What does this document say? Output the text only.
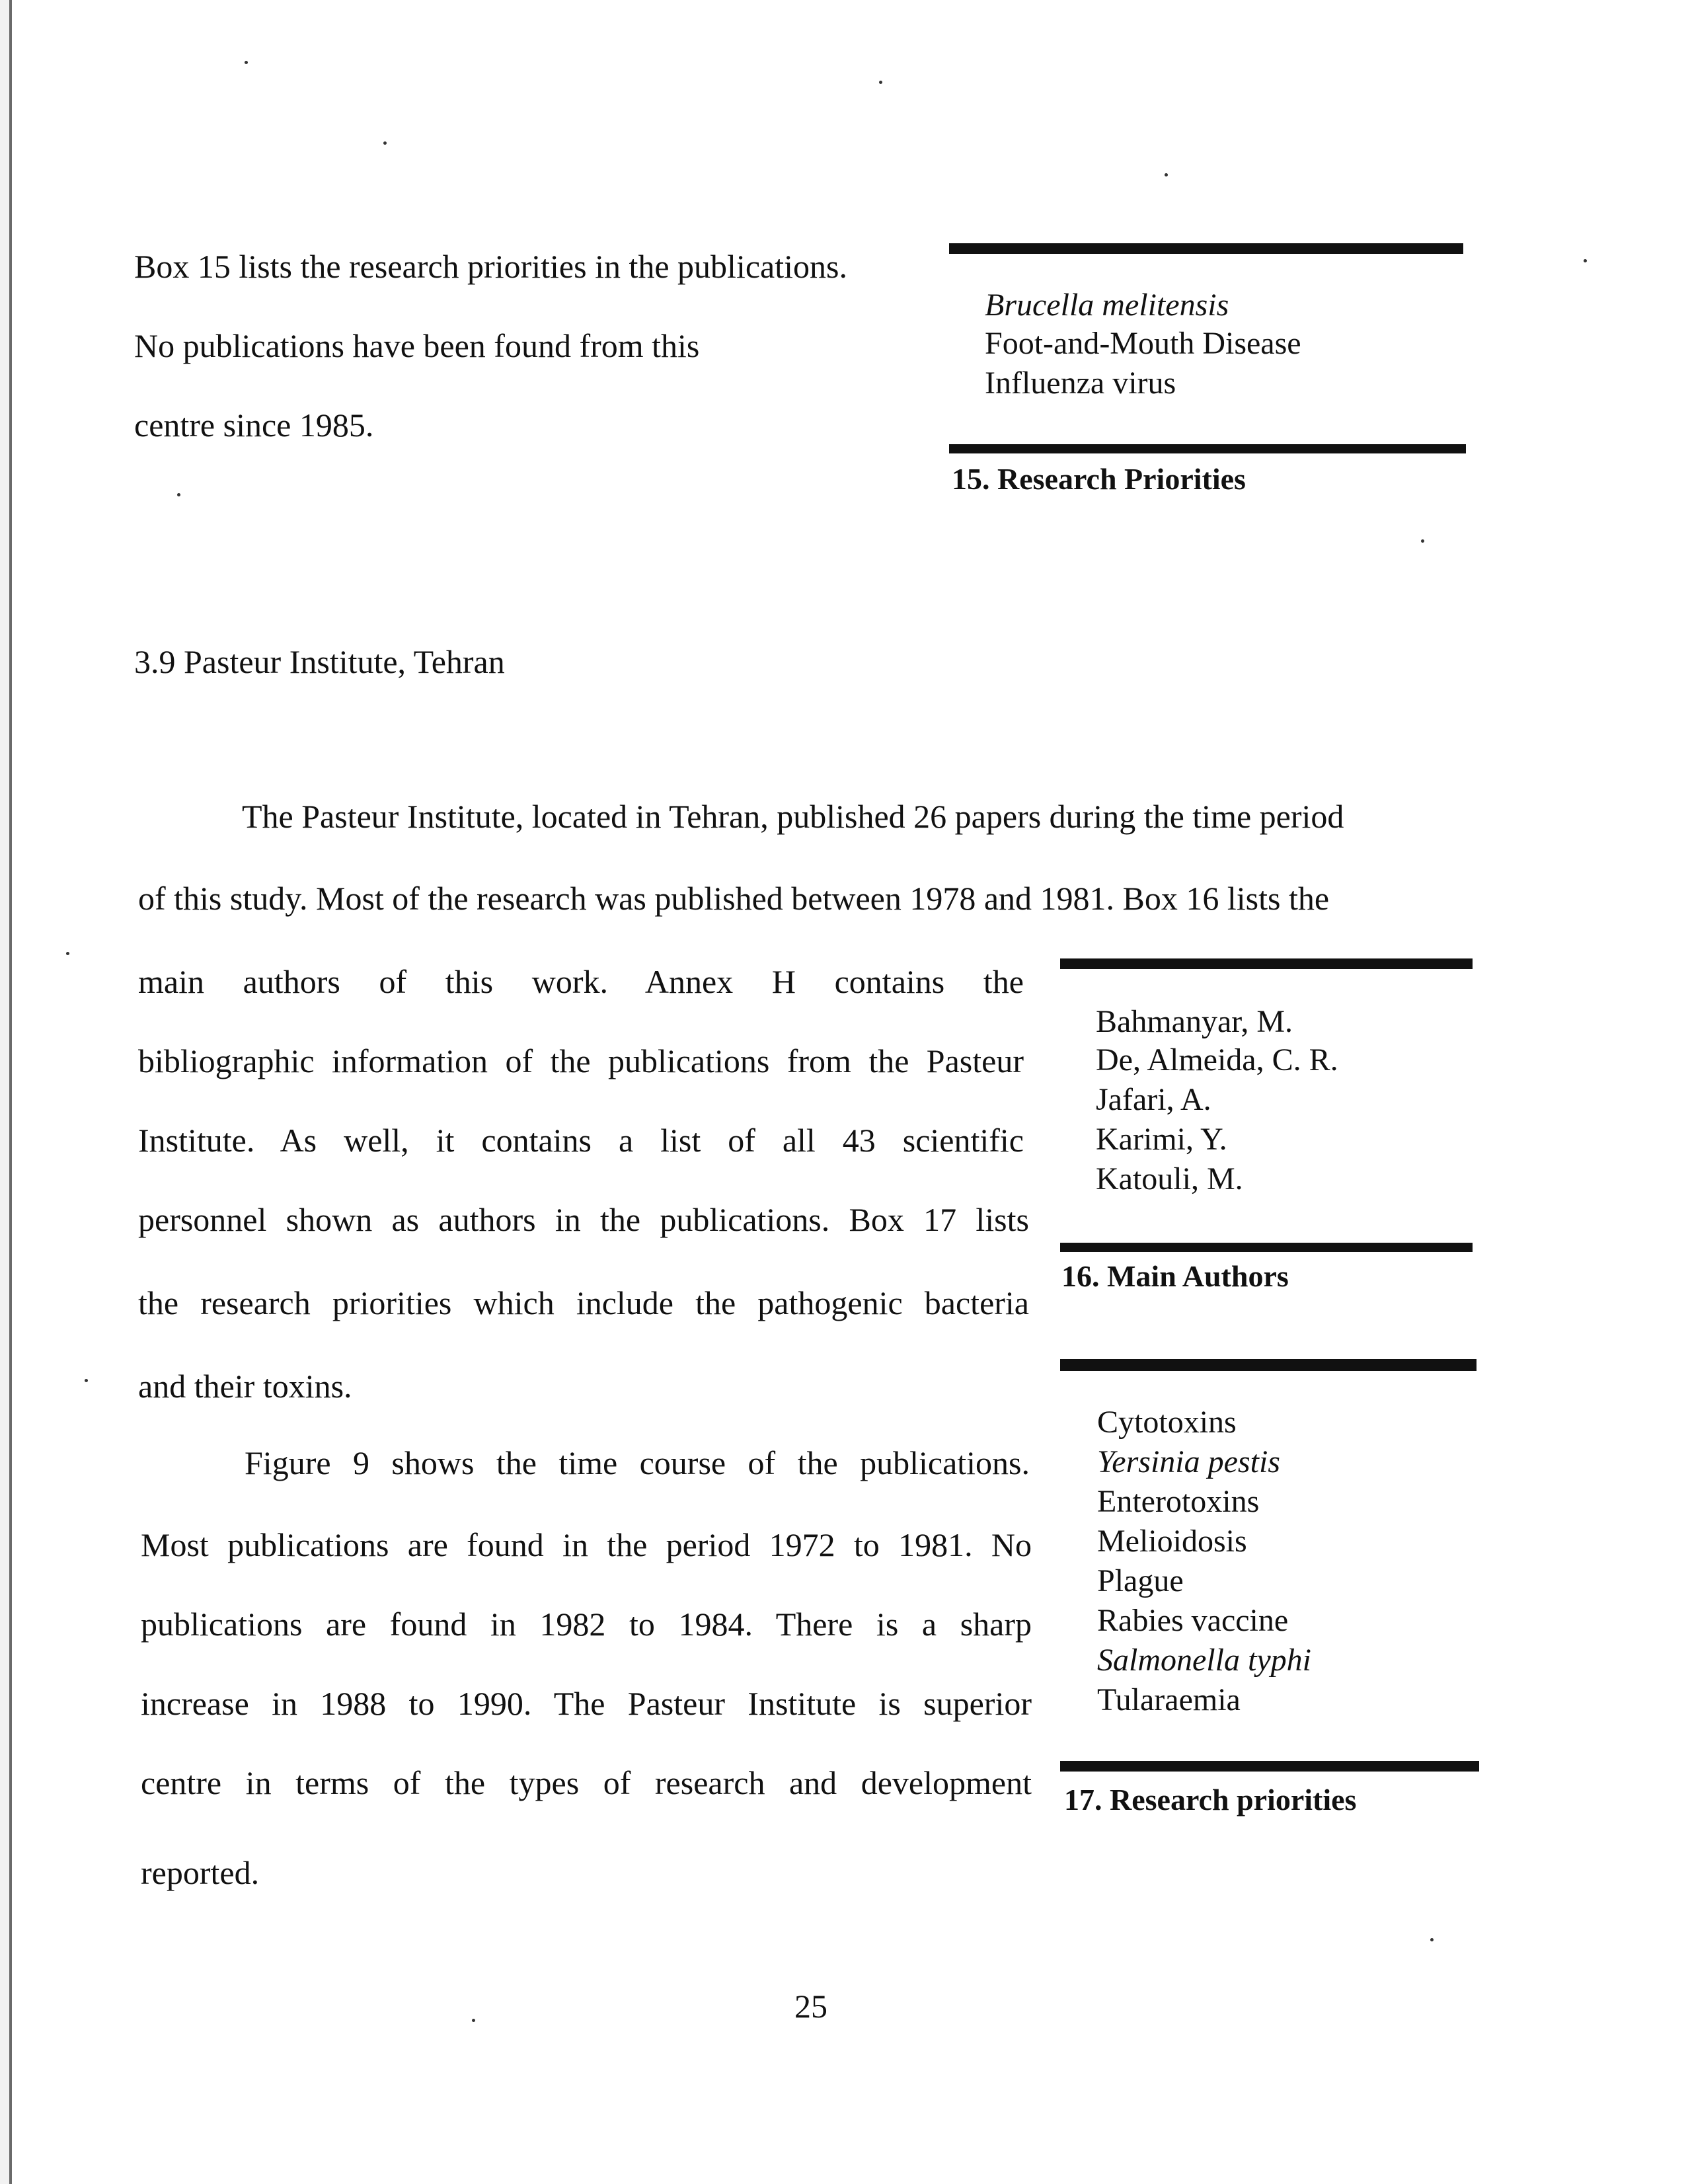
Box 15 lists the research priorities in the publications.
No publications have been found from this
centre since 1985.
Brucella melitensis
Foot-and-Mouth Disease
Influenza virus
15. Research Priorities
3.9 Pasteur Institute, Tehran
The Pasteur Institute, located in Tehran, published 26 papers during the time period
of this study. Most of the research was published between 1978 and 1981. Box 16 lists the
main authors of this work. Annex H contains the
bibliographic information of the publications from the Pasteur
Institute. As well, it contains a list of all 43 scientific
personnel shown as authors in the publications. Box 17 lists
the research priorities which include the pathogenic bacteria
and their toxins.
Figure 9 shows the time course of the publications.
Most publications are found in the period 1972 to 1981. No
publications are found in 1982 to 1984. There is a sharp
increase in 1988 to 1990. The Pasteur Institute is superior
centre in terms of the types of research and development
reported.
Bahmanyar, M.
De, Almeida, C. R.
Jafari, A.
Karimi, Y.
Katouli, M.
16. Main Authors
Cytotoxins
Yersinia pestis
Enterotoxins
Melioidosis
Plague
Rabies vaccine
Salmonella typhi
Tularaemia
17. Research priorities
25
